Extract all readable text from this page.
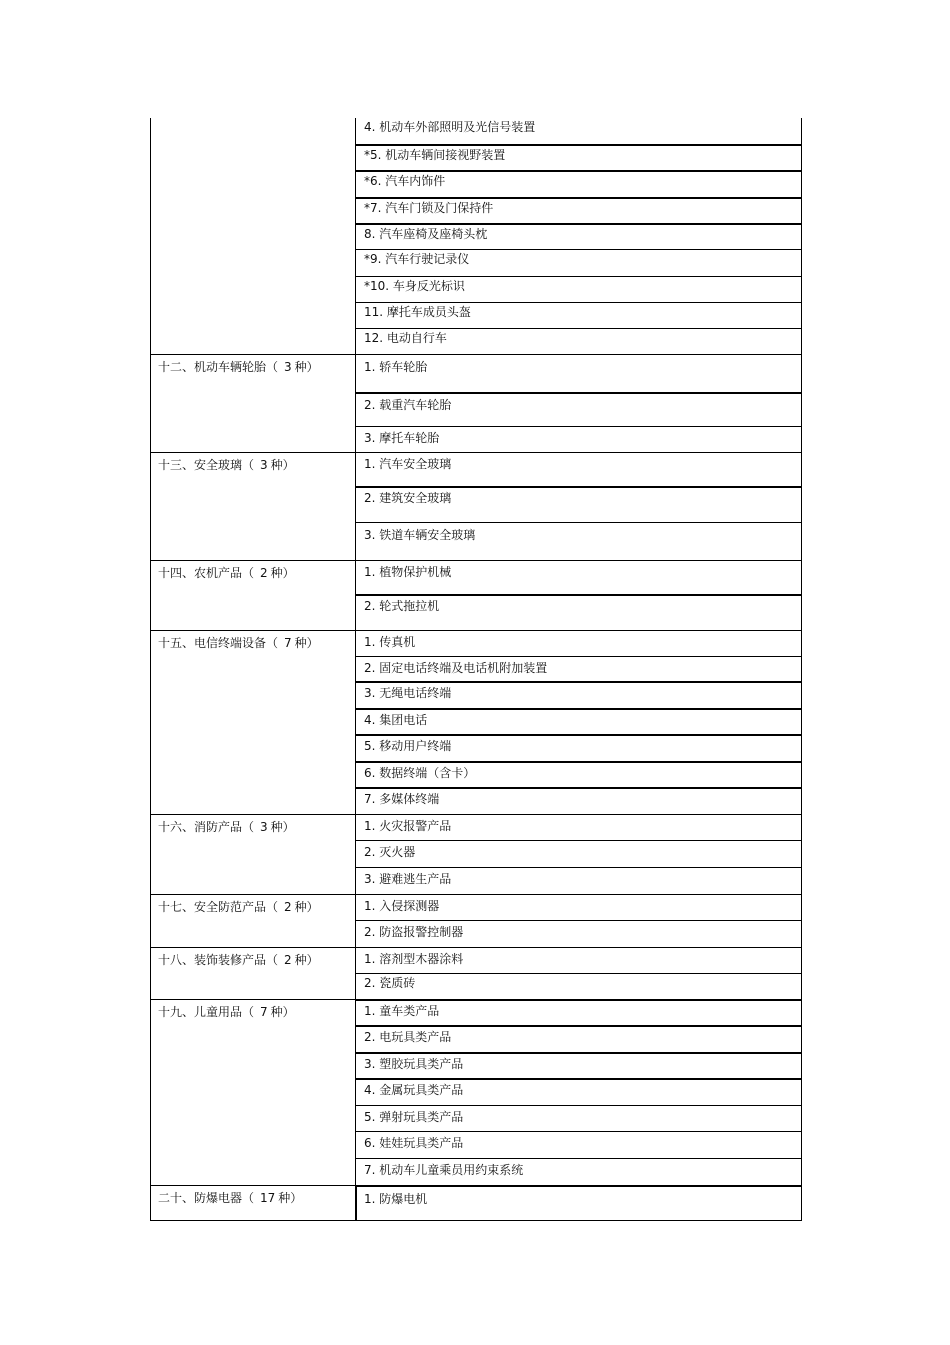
十二、机动车辆轮胎（ 3 种）
十三、安全玻璃（ 3 种）
十四、农机产品（ 2 种）
十五、电信终端设备（ 7 种）
十六、消防产品（ 3 种）
十七、安全防范产品（ 2 种）
十八、装饰装修产品（ 2 种）
十九、儿童用品（ 7 种）
二十、防爆电器（ 17 种）
4. 机动车外部照明及光信号装置
*5. 机动车辆间接视野装置
*6. 汽车内饰件
*7. 汽车门锁及门保持件
8. 汽车座椅及座椅头枕
*9. 汽车行驶记录仪
*10. 车身反光标识
11. 摩托车成员头盔
12. 电动自行车
1. 轿车轮胎
2. 载重汽车轮胎
3. 摩托车轮胎
1. 汽车安全玻璃
2. 建筑安全玻璃
3. 铁道车辆安全玻璃
1. 植物保护机械
2. 轮式拖拉机
1. 传真机
2. 固定电话终端及电话机附加装置
3. 无绳电话终端
4. 集团电话
5. 移动用户终端
6. 数据终端（含卡）
7. 多媒体终端
1. 火灾报警产品
2. 灭火器
3. 避难逃生产品
1. 入侵探测器
2. 防盗报警控制器
1. 溶剂型木器涂料
2. 瓷质砖
1. 童车类产品
2. 电玩具类产品
3. 塑胶玩具类产品
4. 金属玩具类产品
5. 弹射玩具类产品
6. 娃娃玩具类产品
7. 机动车儿童乘员用约束系统
1. 防爆电机
